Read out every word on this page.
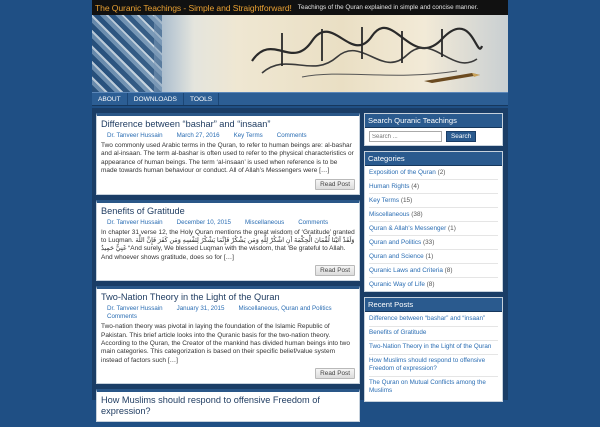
The Quranic Teachings - Simple and Straightforward! Teachings of the Quran explained in simple and concise manner.
ABOUT	DOWNLOADS	TOOLS
Difference between “bashar” and “insaan”
Dr. Tanveer Hussain March 27, 2016 Key Terms Comments
Two commonly used Arabic terms in the Quran, to refer to human beings are: al-bashar and al-insaan. The term al-bashar is often used to refer to the physical characteristics or appearance of human beings. The term ‘al-insaan’ is used when reference is to be made towards human behaviour or conduct. All of Allah’s Messengers were […]
Read Post
Benefits of Gratitude
Dr. Tanveer Hussain December 10, 2015 Miscellaneous Comments
In chapter 31 verse 12, the Holy Quran mentions the great wisdom of ‘Gratitude’ granted to Luqman. وَلَقَدْ آتَيْنَا لُقْمَانَ الْحِكْمَةَ أَنِ اشْكُرْ لِلَّهِ وَمَن يَشْكُرْ فَإِنَّمَا يَشْكُرُ لِنَفْسِهِ وَمَن كَفَرَ فَإِنَّ اللَّهَ غَنِيٌّ حَمِيدٌ “And surely, We blessed Luqman with the wisdom, that ‘Be grateful to Allah. And whoever shows gratitude, does so for […]
Read Post
Two-Nation Theory in the Light of the Quran
Dr. Tanveer Hussain January 31, 2015 Miscellaneous, Quran and Politics
Comments
Two-nation theory was pivotal in laying the foundation of the Islamic Republic of Pakistan. This brief article looks into the Quranic basis for the two-nation theory. According to the Quran, the Creator of the mankind has divided human beings into two main categories. This categorization is based on their specific belief/value system instead of factors such […]
Read Post
How Muslims should respond to offensive Freedom of expression?
Search Quranic Teachings
Search ...
Search
Categories
Exposition of the Quran (2)
Human Rights (4)
Key Terms (15)
Miscellaneous (38)
Quran & Allah's Messenger (1)
Quran and Politics (33)
Quran and Science (1)
Quranic Laws and Criteria (8)
Quranic Way of Life (8)
Recent Posts
Difference between “bashar” and “insaan”
Benefits of Gratitude
Two-Nation Theory in the Light of the Quran
How Muslims should respond to offensive Freedom of expression?
The Quran on Mutual Conflicts among the Muslims
